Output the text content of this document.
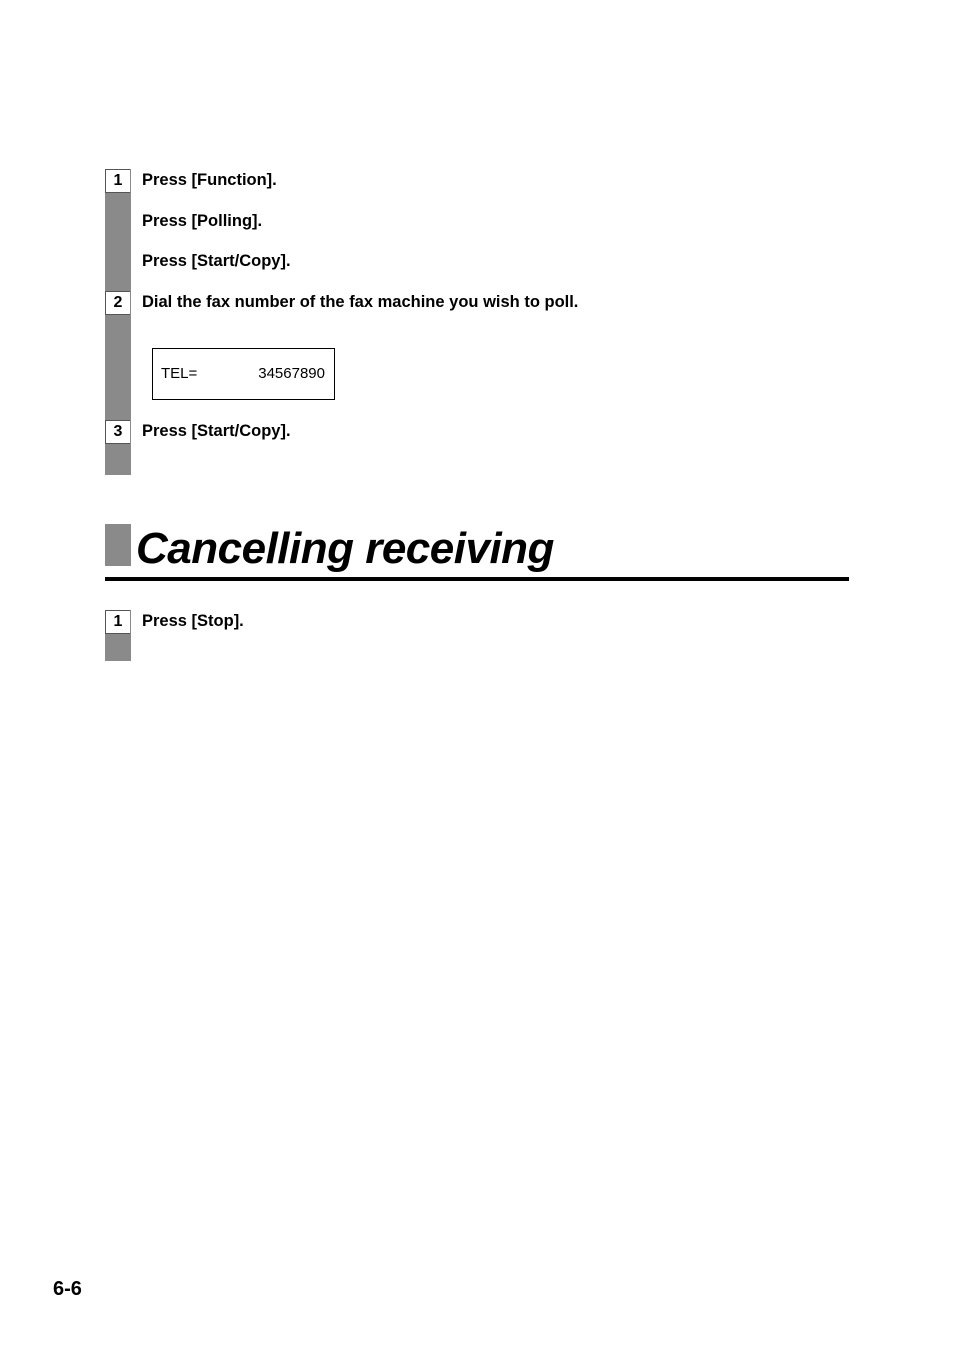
1	Press [Function].

Press [Polling].

Press [Start/Copy].

2	Dial the fax number of the fax machine you wish to poll.

TEL=	34567890
3	Press [Start/Copy].

Cancelling receiving
1	Press [Stop].

6-6
